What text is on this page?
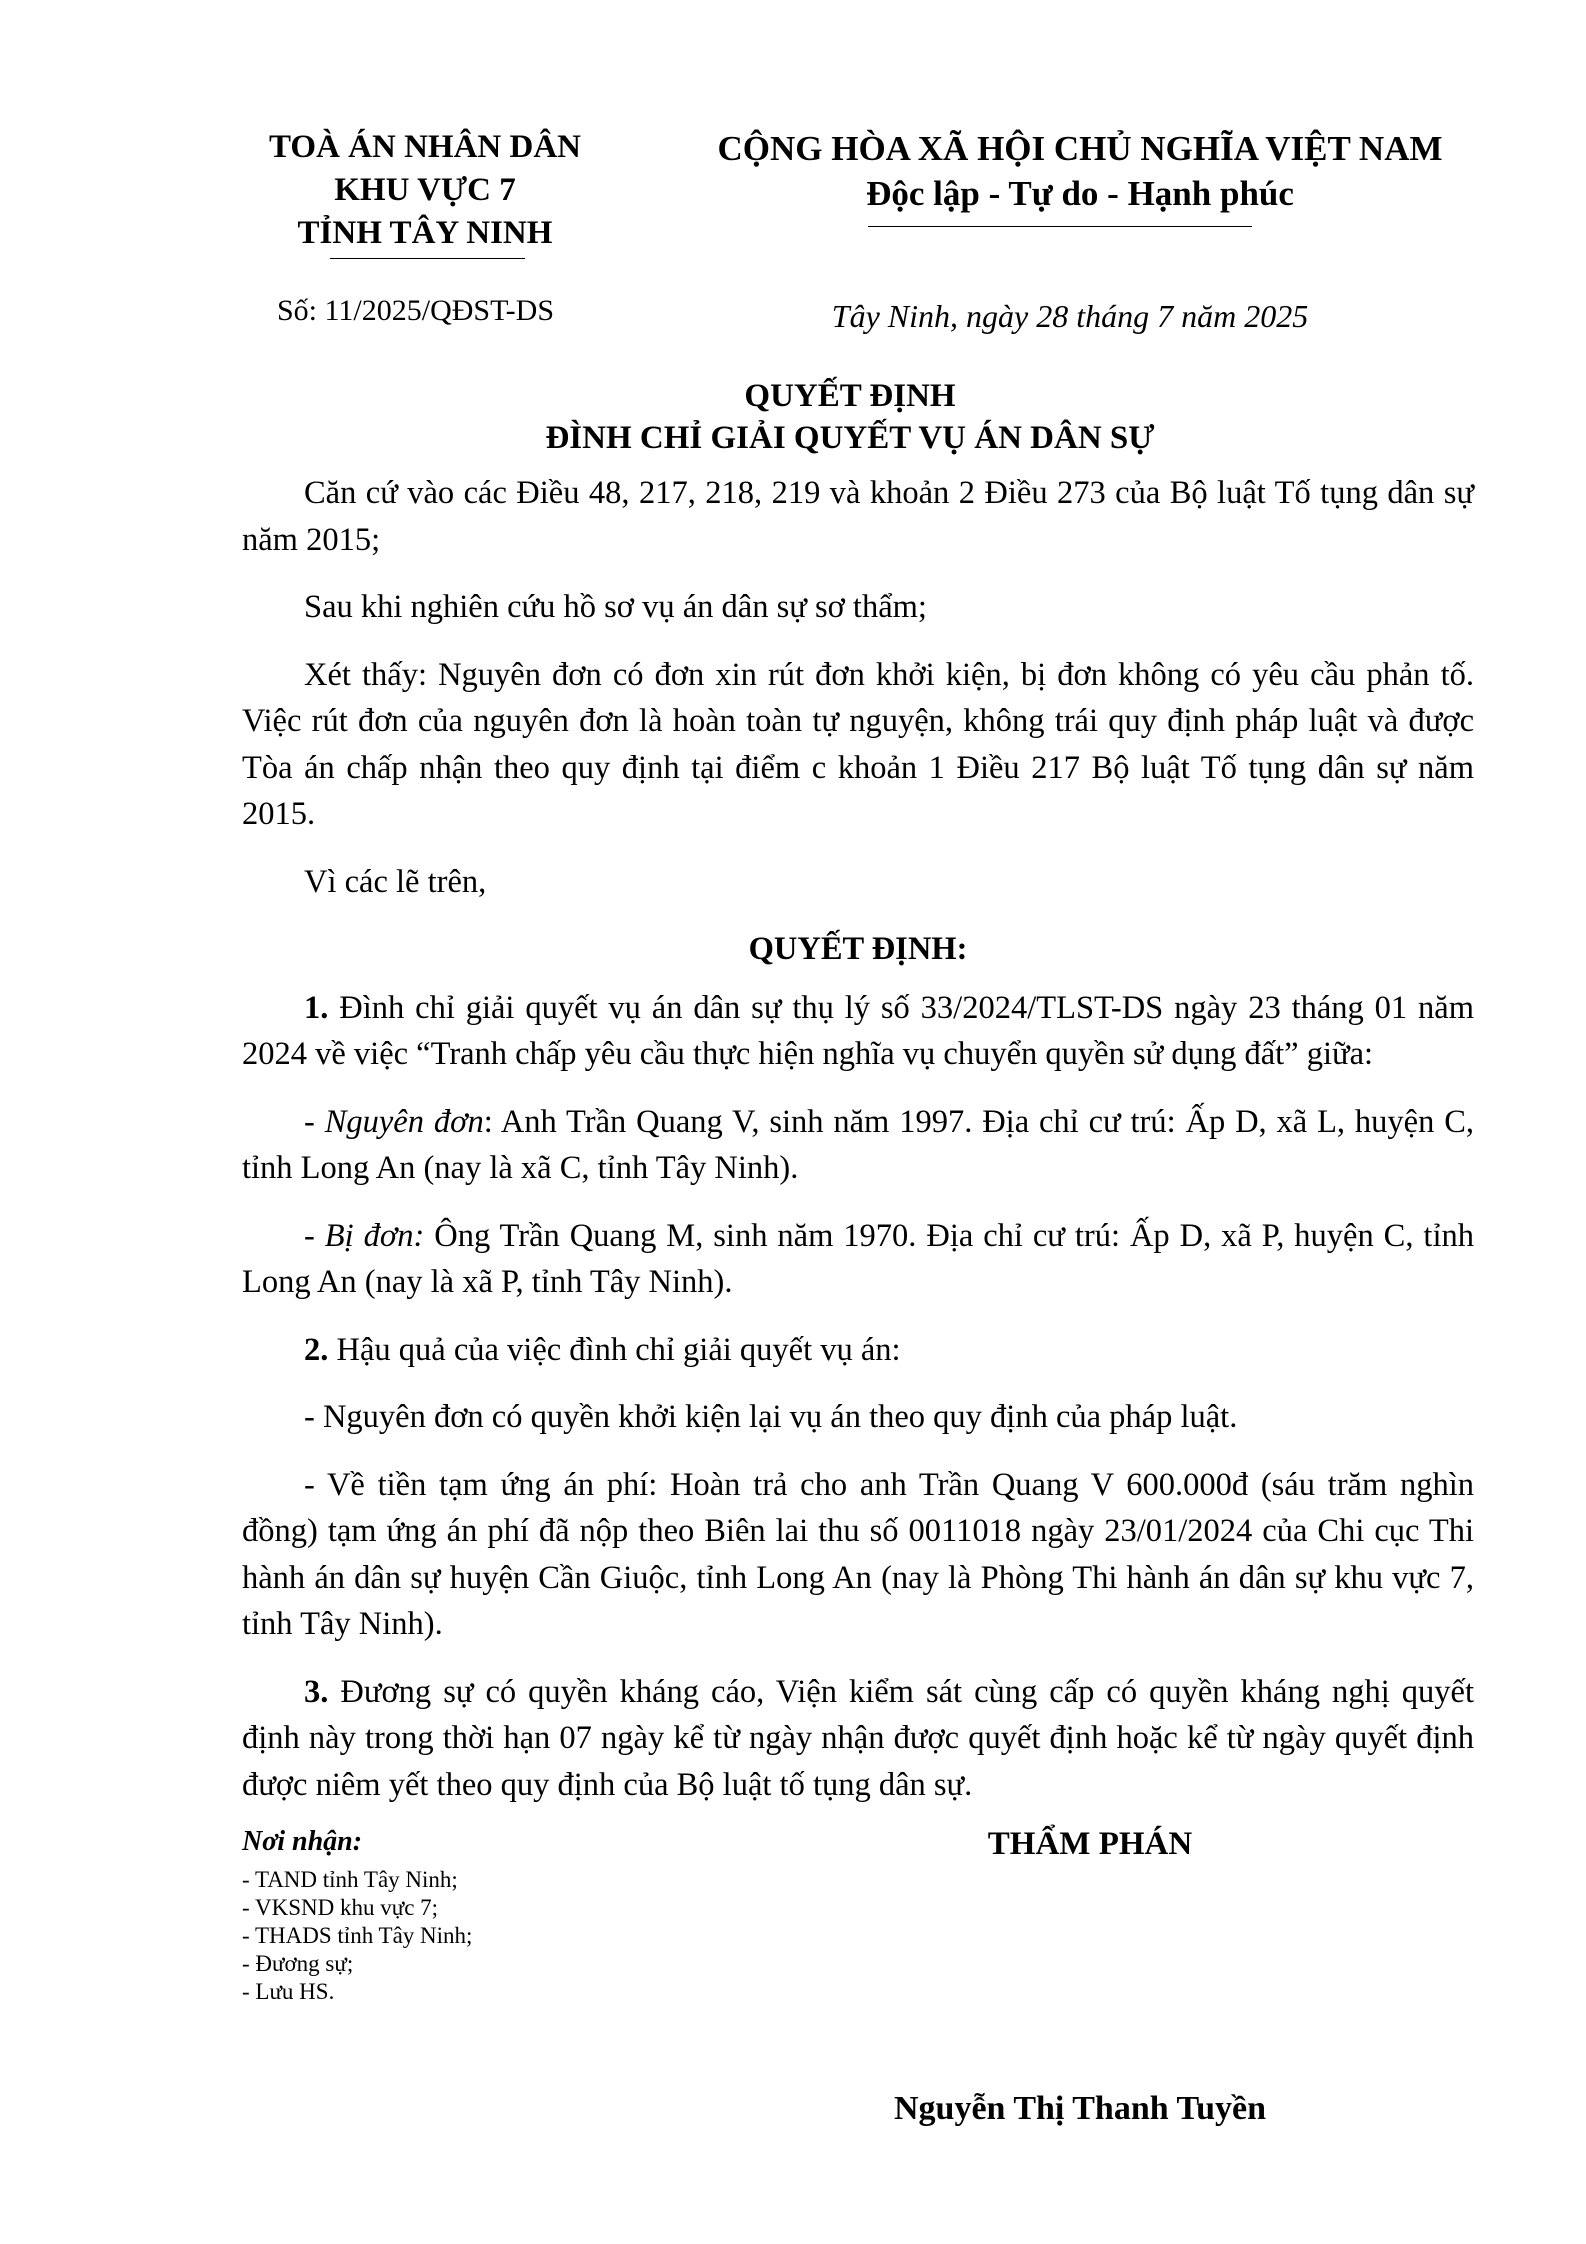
TOÀ ÁN NHÂN DÂN
KHU VỰC 7
TỈNH TÂY NINH
CỘNG HÒA XÃ HỘI CHỦ NGHĨA VIỆT NAM
Độc lập - Tự do - Hạnh phúc
Số: 11/2025/QĐST-DS	Tây Ninh, ngày 28 tháng 7 năm 2025
QUYẾT ĐỊNH
ĐÌNH CHỈ GIẢI QUYẾT VỤ ÁN DÂN SỰ

Căn cứ vào các Điều 48, 217, 218, 219 và khoản 2 Điều 273 của Bộ luật Tố tụng dân sự năm 2015;

Sau khi nghiên cứu hồ sơ vụ án dân sự sơ thẩm;

Xét thấy: Nguyên đơn có đơn xin rút đơn khởi kiện, bị đơn không có yêu cầu phản tố. Việc rút đơn của nguyên đơn là hoàn toàn tự nguyện, không trái quy định pháp luật và được Tòa án chấp nhận theo quy định tại điểm c khoản 1 Điều 217 Bộ luật Tố tụng dân sự năm 2015.

Vì các lẽ trên,

QUYẾT ĐỊNH:

1. Đình chỉ giải quyết vụ án dân sự thụ lý số 33/2024/TLST-DS ngày 23 tháng 01 năm 2024 về việc “Tranh chấp yêu cầu thực hiện nghĩa vụ chuyển quyền sử dụng đất” giữa:

- Nguyên đơn: Anh Trần Quang V, sinh năm 1997. Địa chỉ cư trú: Ấp D, xã L, huyện C, tỉnh Long An (nay là xã C, tỉnh Tây Ninh).

- Bị đơn: Ông Trần Quang M, sinh năm 1970. Địa chỉ cư trú: Ấp D, xã P, huyện C, tỉnh Long An (nay là xã P, tỉnh Tây Ninh).

2. Hậu quả của việc đình chỉ giải quyết vụ án:

- Nguyên đơn có quyền khởi kiện lại vụ án theo quy định của pháp luật.

- Về tiền tạm ứng án phí: Hoàn trả cho anh Trần Quang V 600.000đ (sáu trăm nghìn đồng) tạm ứng án phí đã nộp theo Biên lai thu số 0011018 ngày 23/01/2024 của Chi cục Thi hành án dân sự huyện Cần Giuộc, tỉnh Long An (nay là Phòng Thi hành án dân sự khu vực 7, tỉnh Tây Ninh).

3. Đương sự có quyền kháng cáo, Viện kiểm sát cùng cấp có quyền kháng nghị quyết định này trong thời hạn 07 ngày kể từ ngày nhận được quyết định hoặc kể từ ngày quyết định được niêm yết theo quy định của Bộ luật tố tụng dân sự.

Nơi nhận:
- TAND tỉnh Tây Ninh;
- VKSND khu vực 7;
- THADS tỉnh Tây Ninh;
- Đương sự;
- Lưu HS.
THẨM PHÁN
Nguyễn Thị Thanh Tuyền
